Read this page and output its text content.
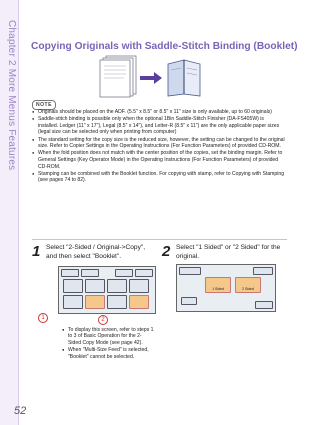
Chapter 2 More Menus Features Copying Originals with Saddle-Stitch Binding (Booklet)
NOTE
● Originals should be placed on the ADF. (5.5" x 8.5" or 8.5" x 11" size is only available, up to 60 originals)
● Saddle-stitch binding is possible only when the optional 1Bin Saddle-Stitch Finisher (DA-FS405W) is installed. Ledger (11" x 17"), Legal (8.5" x 14"), and Letter-R (8.5" x 11") are the only applicable paper sizes (legal size can be selected only when printing from computer)
● The standard setting for the copy size is the reduced size, however, the setting can be changed to the original size. Refer to Copier Settings in the Operating Instructions (For Function Parameters) of provided CD-ROM.
● When the fold position does not match with the center position of the copies, set the binding margin. Refer to General Settings (Key Operator Mode) in the Operating Instructions (For Function Parameters) of provided CD-ROM.
● Stamping can be combined with the Booklet function. For copying with stamp, refer to Copying with Stamping (see pages 74 to 82).
1 Select "2-Sided / Original->Copy", and then select "Booklet".
1	2
● To display this screen, refer to steps 1 to 3 of Basic Operation for the 2-Sided Copy Mode (see page 42).
● When "Multi-Size Feed" is selected, "Booklet" cannot be selected.
2 Select "1 Sided" or "2 Sided" for the original.
1 Sided	2 Sided
52
